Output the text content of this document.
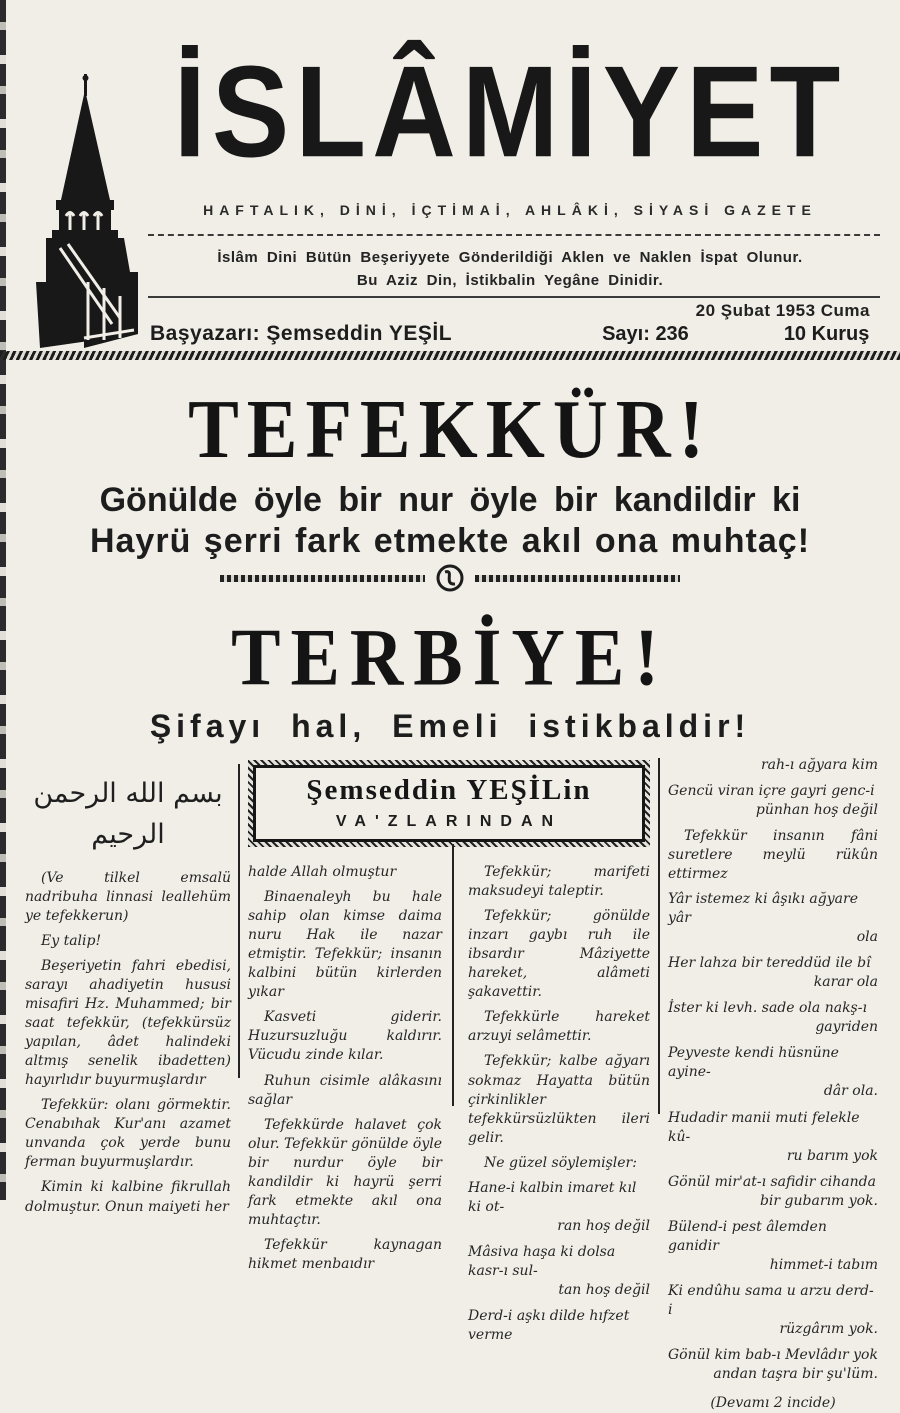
İSLÂMİYET
HAFTALIK, DİNİ, İÇTİMAİ, AHLÂKİ, SİYASİ GAZETE
İslâm Dini Bütün Beşeriyyete Gönderildiği Aklen ve Naklen İspat Olunur.
Bu Aziz Din, İstikbalin Yegâne Dinidir.
20 Şubat 1953 Cuma
Başyazarı: Şemseddin YEŞİL	Sayı: 236	10 Kuruş
TEFEKKÜR!
Gönülde öyle bir nur öyle bir kandildir ki
Hayrü şerri fark etmekte akıl ona muhtaç!
TERBİYE!
Şifayı hal, Emeli istikbaldir!
بسم الله الرحمن الرحيم
(Ve tilkel emsalü nadribuha linnasi leallehüm ye tefekkerun)
Ey talip!
Beşeriyetin fahri ebedisi, sarayı ahadiyetin hususi misafiri Hz. Muhammed; bir saat tefekkür, (tefekkürsüz yapılan, âdet halindeki altmış senelik ibadetten) hayırlıdır buyurmuşlardır
Tefekkür: olanı görmektir. Cenabıhak Kur'anı azamet unvanda çok yerde bunu ferman buyurmuşlardır.
Kimin ki kalbine fikrullah dolmuştur. Onun maiyeti her
Şemseddin YEŞİLin
VA'ZLARINDAN
halde Allah olmuştur
Binaenaleyh bu hale sahip olan kimse daima nuru Hak ile nazar etmiştir. Tefekkür; insanın kalbini bütün kirlerden yıkar
Kasveti giderir. Huzursuzluğu kaldırır. Vücudu zinde kılar.
Ruhun cisimle alâkasını sağlar
Tefekkürde halavet çok olur. Tefekkür gönülde öyle bir nurdur öyle bir kandildir ki hayrü şerri fark etmekte akıl ona muhtaçtır.
Tefekkür kaynagan hikmet menbaıdır
Tefekkür; marifeti maksudeyi taleptir.
Tefekkür; gönülde inzarı gaybı ruh ile ibsardır Mâziyette hareket, alâmeti şakavettir.
Tefekkürle hareket arzuyi selâmettir.
Tefekkür; kalbe ağyarı sokmaz Hayatta bütün çirkinlikler tefekkürsüzlükten ileri gelir.
Ne güzel söylemişler:
Hane-i kalbin imaret kıl ki ot-
ran hoş değil
Mâsiva haşa ki dolsa kasr-ı sul-
tan hoş değil
Derd-i aşkı dilde hıfzet verme
rah-ı ağyara kim
Gencü viran içre gayri genc-i
pünhan hoş değil
Tefekkür insanın fâni suretlere meylü rükûn ettirmez
Yâr istemez ki âşıkı ağyare yâr
ola
Her lahza bir tereddüd ile bî
karar ola
İster ki levh. sade ola nakş-ı
gayriden
Peyveste kendi hüsnüne ayine-
dâr ola.
Hudadir manii muti felekle kû-
ru barım yok
Gönül mir'at-ı safidir cihanda
bir gubarım yok.
Bülend-i pest âlemden ganidir
himmet-i tabım
Ki endûhu sama u arzu derd-i
rüzgârım yok.
Gönül kim bab-ı Mevlâdır yok
andan taşra bir şu'lüm.
(Devamı 2 incide)
